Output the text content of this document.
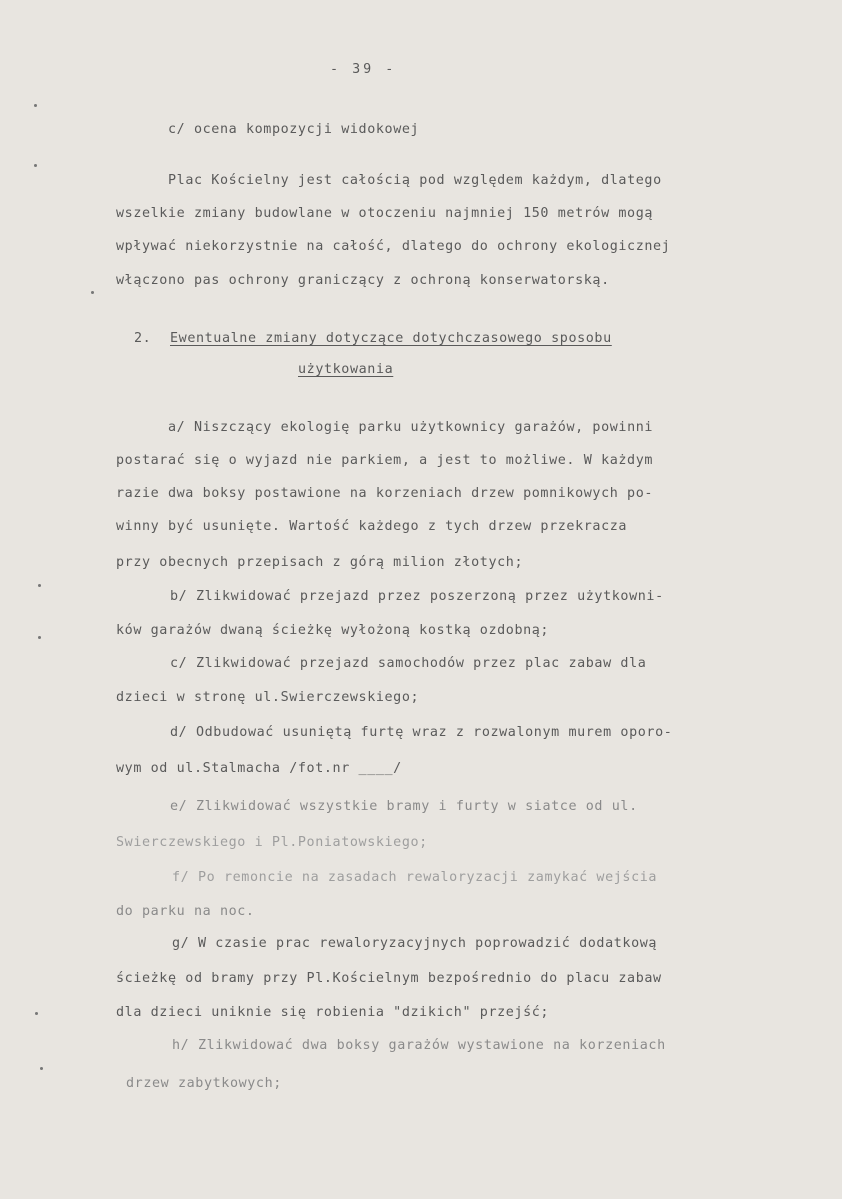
- 39 -
c/ ocena kompozycji widokowej
Plac Kościelny jest całością pod względem każdym, dlatego
wszelkie zmiany budowlane w otoczeniu najmniej 150 metrów mogą
wpływać niekorzystnie na całość, dlatego do ochrony ekologicznej
włączono pas ochrony graniczący z ochroną konserwatorską.
2. Ewentualne zmiany dotyczące dotychczasowego sposobu
użytkowania
a/ Niszczący ekologię parku użytkownicy garażów, powinni
postarać się o wyjazd nie parkiem, a jest to możliwe. W każdym
razie dwa boksy postawione na korzeniach drzew pomnikowych po-
winny być usunięte. Wartość każdego z tych drzew przekracza
przy obecnych przepisach z górą milion złotych;
b/ Zlikwidować przejazd przez poszerzoną przez użytkowni-
ków garażów dwaną ścieżkę wyłożoną kostką ozdobną;
c/ Zlikwidować przejazd samochodów przez plac zabaw dla
dzieci w stronę ul.Swierczewskiego;
d/ Odbudować usuniętą furtę wraz z rozwalonym murem oporo-
wym od ul.Stalmacha /fot.nr ____/
e/ Zlikwidować wszystkie bramy i furty w siatce od ul.
Swierczewskiego i Pl.Poniatowskiego;
f/ Po remoncie na zasadach rewaloryzacji zamykać wejścia
do parku na noc.
g/ W czasie prac rewaloryzacyjnych poprowadzić dodatkową
ścieżkę od bramy przy Pl.Kościelnym bezpośrednio do placu zabaw
dla dzieci uniknie się robienia "dzikich" przejść;
h/ Zlikwidować dwa boksy garażów wystawione na korzeniach
drzew zabytkowych;
